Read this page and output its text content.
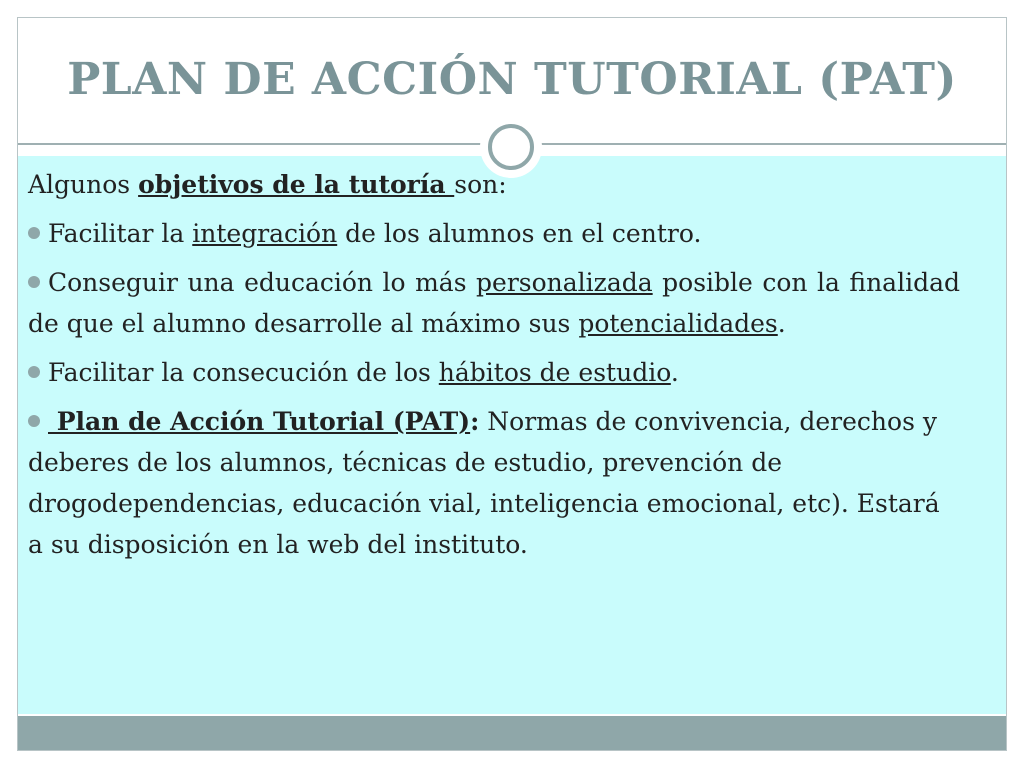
PLAN DE ACCIÓN TUTORIAL (PAT)

Algunos objetivos de la tutoría son:

Facilitar la integración de los alumnos en el centro.

Conseguir una educación lo más personalizada posible con la finalidad de que el alumno desarrolle al máximo sus potencialidades.

Facilitar la consecución de los hábitos de estudio.

Plan de Acción Tutorial (PAT): Normas de convivencia, derechos y deberes de los alumnos, técnicas de estudio, prevención de drogodependencias, educación vial, inteligencia emocional, etc). Estará a su disposición en la web del instituto.
